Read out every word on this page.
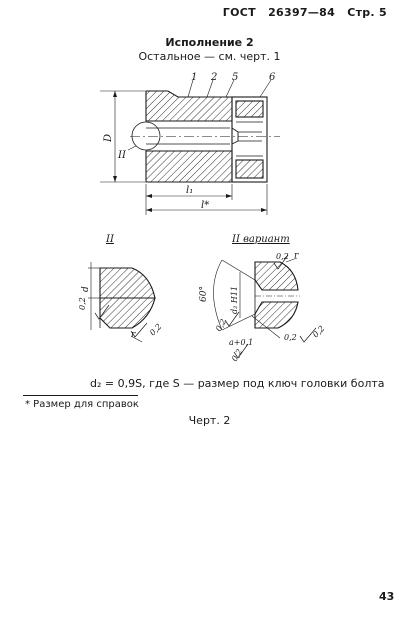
ГОСТ 26397—84 Стр. 5
Исполнение 2
Остальное — см. черт. 1
1 2 5	6
D
l₁
l*
II
II
d
0,2
r 0,2
II вариант
60°	d₂ H11
0,2 r
a+0,1
0,2
0,2
0,2 0,2
d₂ = 0,9S, где S — размер под ключ головки болта
* Размер для справок
Черт. 2
43
